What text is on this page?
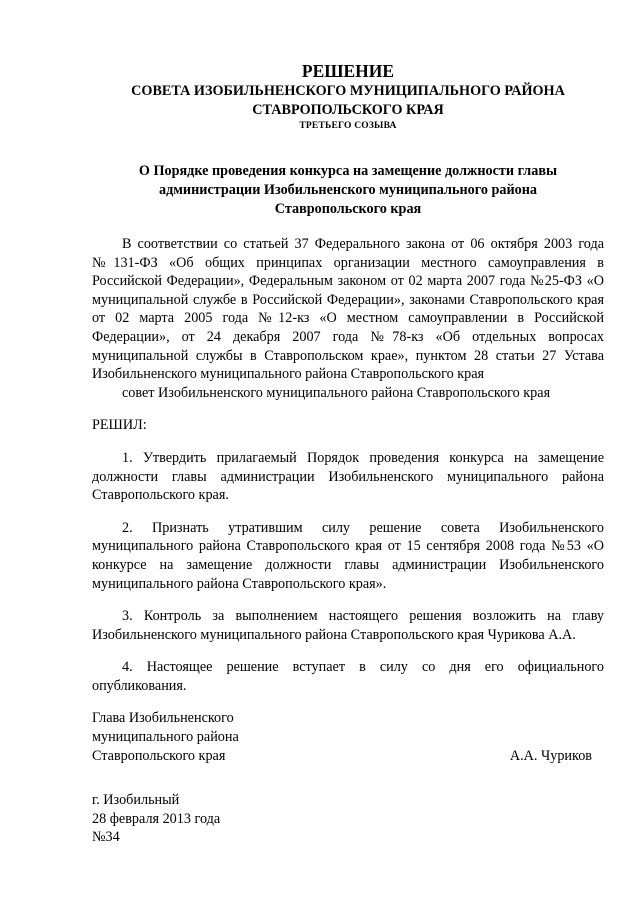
РЕШЕНИЕ
СОВЕТА ИЗОБИЛЬНЕНСКОГО МУНИЦИПАЛЬНОГО РАЙОНА
СТАВРОПОЛЬСКОГО КРАЯ
ТРЕТЬЕГО СОЗЫВА
О Порядке проведения конкурса на замещение должности главы администрации Изобильненского муниципального района Ставропольского края

В соответствии со статьей 37 Федерального закона от 06 октября 2003 года №131-ФЗ «Об общих принципах организации местного самоуправления в Российской Федерации», Федеральным законом от 02 марта 2007 года №25-ФЗ «О муниципальной службе в Российской Федерации», законами Ставропольского края от 02 марта 2005 года №12-кз «О местном самоуправлении в Российской Федерации», от 24 декабря 2007 года №78-кз «Об отдельных вопросах муниципальной службы в Ставропольском крае», пунктом 28 статьи 27 Устава Изобильненского муниципального района Ставропольского края

совет Изобильненского муниципального района Ставропольского края

РЕШИЛ:

1. Утвердить прилагаемый Порядок проведения конкурса на замещение должности главы администрации Изобильненского муниципального района Ставропольского края.

2. Признать утратившим силу решение совета Изобильненского муниципального района Ставропольского края от 15 сентября 2008 года №53 «О конкурсе на замещение должности главы администрации Изобильненского муниципального района Ставропольского края».

3. Контроль за выполнением настоящего решения возложить на главу Изобильненского муниципального района Ставропольского края Чурикова А.А.

4. Настоящее решение вступает в силу со дня его официального опубликования.

Глава Изобильненского
муниципального района
Ставропольского края	А.А. Чуриков
г. Изобильный
28 февраля 2013 года
№34
